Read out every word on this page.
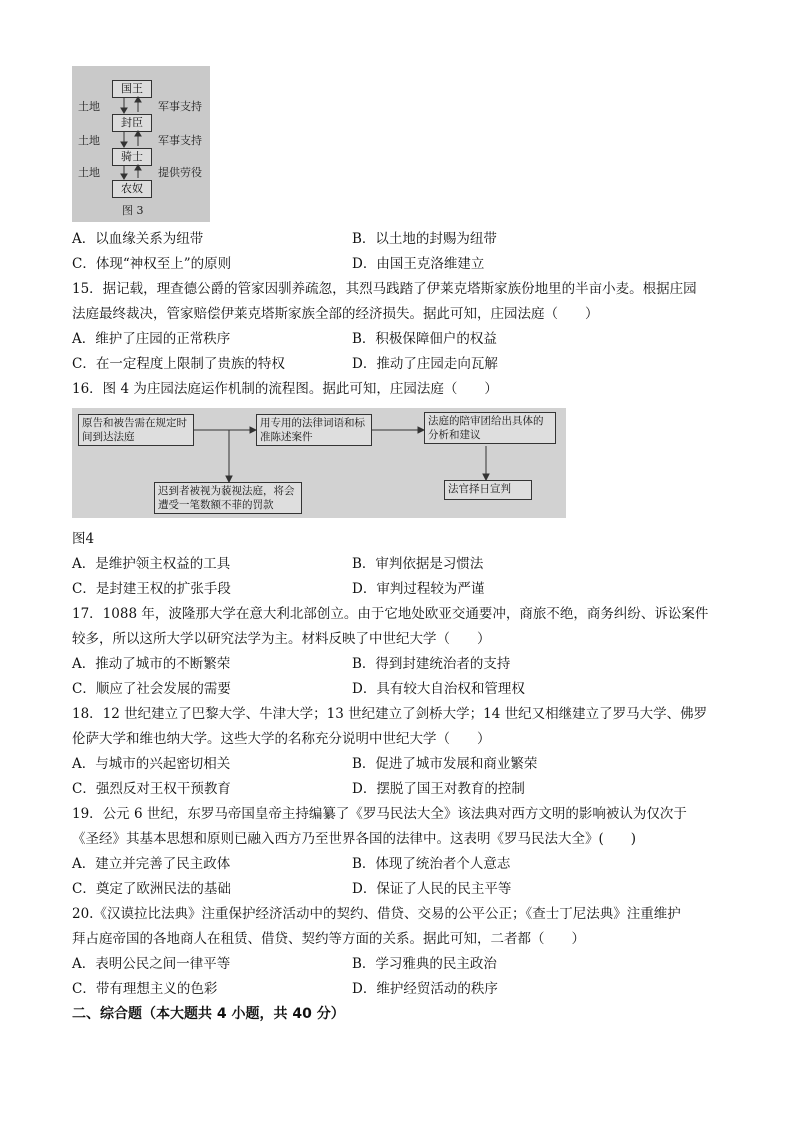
国王
封臣
骑士
农奴
土地
土地
土地
军事支持
军事支持
提供劳役
图 3
A．以血缘关系为纽带	B．以土地的封赐为纽带
C．体现“神权至上”的原则	D．由国王克洛维建立
15．据记载，理查德公爵的管家因驯养疏忽，其烈马践踏了伊莱克塔斯家族份地里的半亩小麦。根据庄园
法庭最终裁决，管家赔偿伊莱克塔斯家族全部的经济损失。据此可知，庄园法庭（　　）
A．维护了庄园的正常秩序	B．积极保障佃户的权益
C．在一定程度上限制了贵族的特权	D．推动了庄园走向瓦解
16．图 4 为庄园法庭运作机制的流程图。据此可知，庄园法庭（　　）
原告和被告需在规定时间到达法庭
用专用的法律词语和标准陈述案件
法庭的陪审团给出具体的分析和建议
迟到者被视为藐视法庭，将会遭受一笔数额不菲的罚款
法官择日宣判
图4
A．是维护领主权益的工具	B．审判依据是习惯法
C．是封建王权的扩张手段	D．审判过程较为严谨
17．1088 年，波隆那大学在意大利北部创立。由于它地处欧亚交通要冲，商旅不绝，商务纠纷、诉讼案件
较多，所以这所大学以研究法学为主。材料反映了中世纪大学（　　）
A．推动了城市的不断繁荣	B．得到封建统治者的支持
C．顺应了社会发展的需要	D．具有较大自治权和管理权
18．12 世纪建立了巴黎大学、牛津大学；13 世纪建立了剑桥大学；14 世纪又相继建立了罗马大学、佛罗
伦萨大学和维也纳大学。这些大学的名称充分说明中世纪大学（　　）
A．与城市的兴起密切相关	B．促进了城市发展和商业繁荣
C．强烈反对王权干预教育	D．摆脱了国王对教育的控制
19．公元 6 世纪，东罗马帝国皇帝主持编纂了《罗马民法大全》该法典对西方文明的影响被认为仅次于
《圣经》其基本思想和原则已融入西方乃至世界各国的法律中。这表明《罗马民法大全》(　　)
A．建立并完善了民主政体	B．体现了统治者个人意志
C．奠定了欧洲民法的基础	D．保证了人民的民主平等
20.《汉谟拉比法典》注重保护经济活动中的契约、借贷、交易的公平公正；《查士丁尼法典》注重维护
拜占庭帝国的各地商人在租赁、借贷、契约等方面的关系。据此可知，二者都（　　）
A．表明公民之间一律平等	B．学习雅典的民主政治
C．带有理想主义的色彩	D．维护经贸活动的秩序
二、综合题（本大题共 4 小题，共 40 分）
